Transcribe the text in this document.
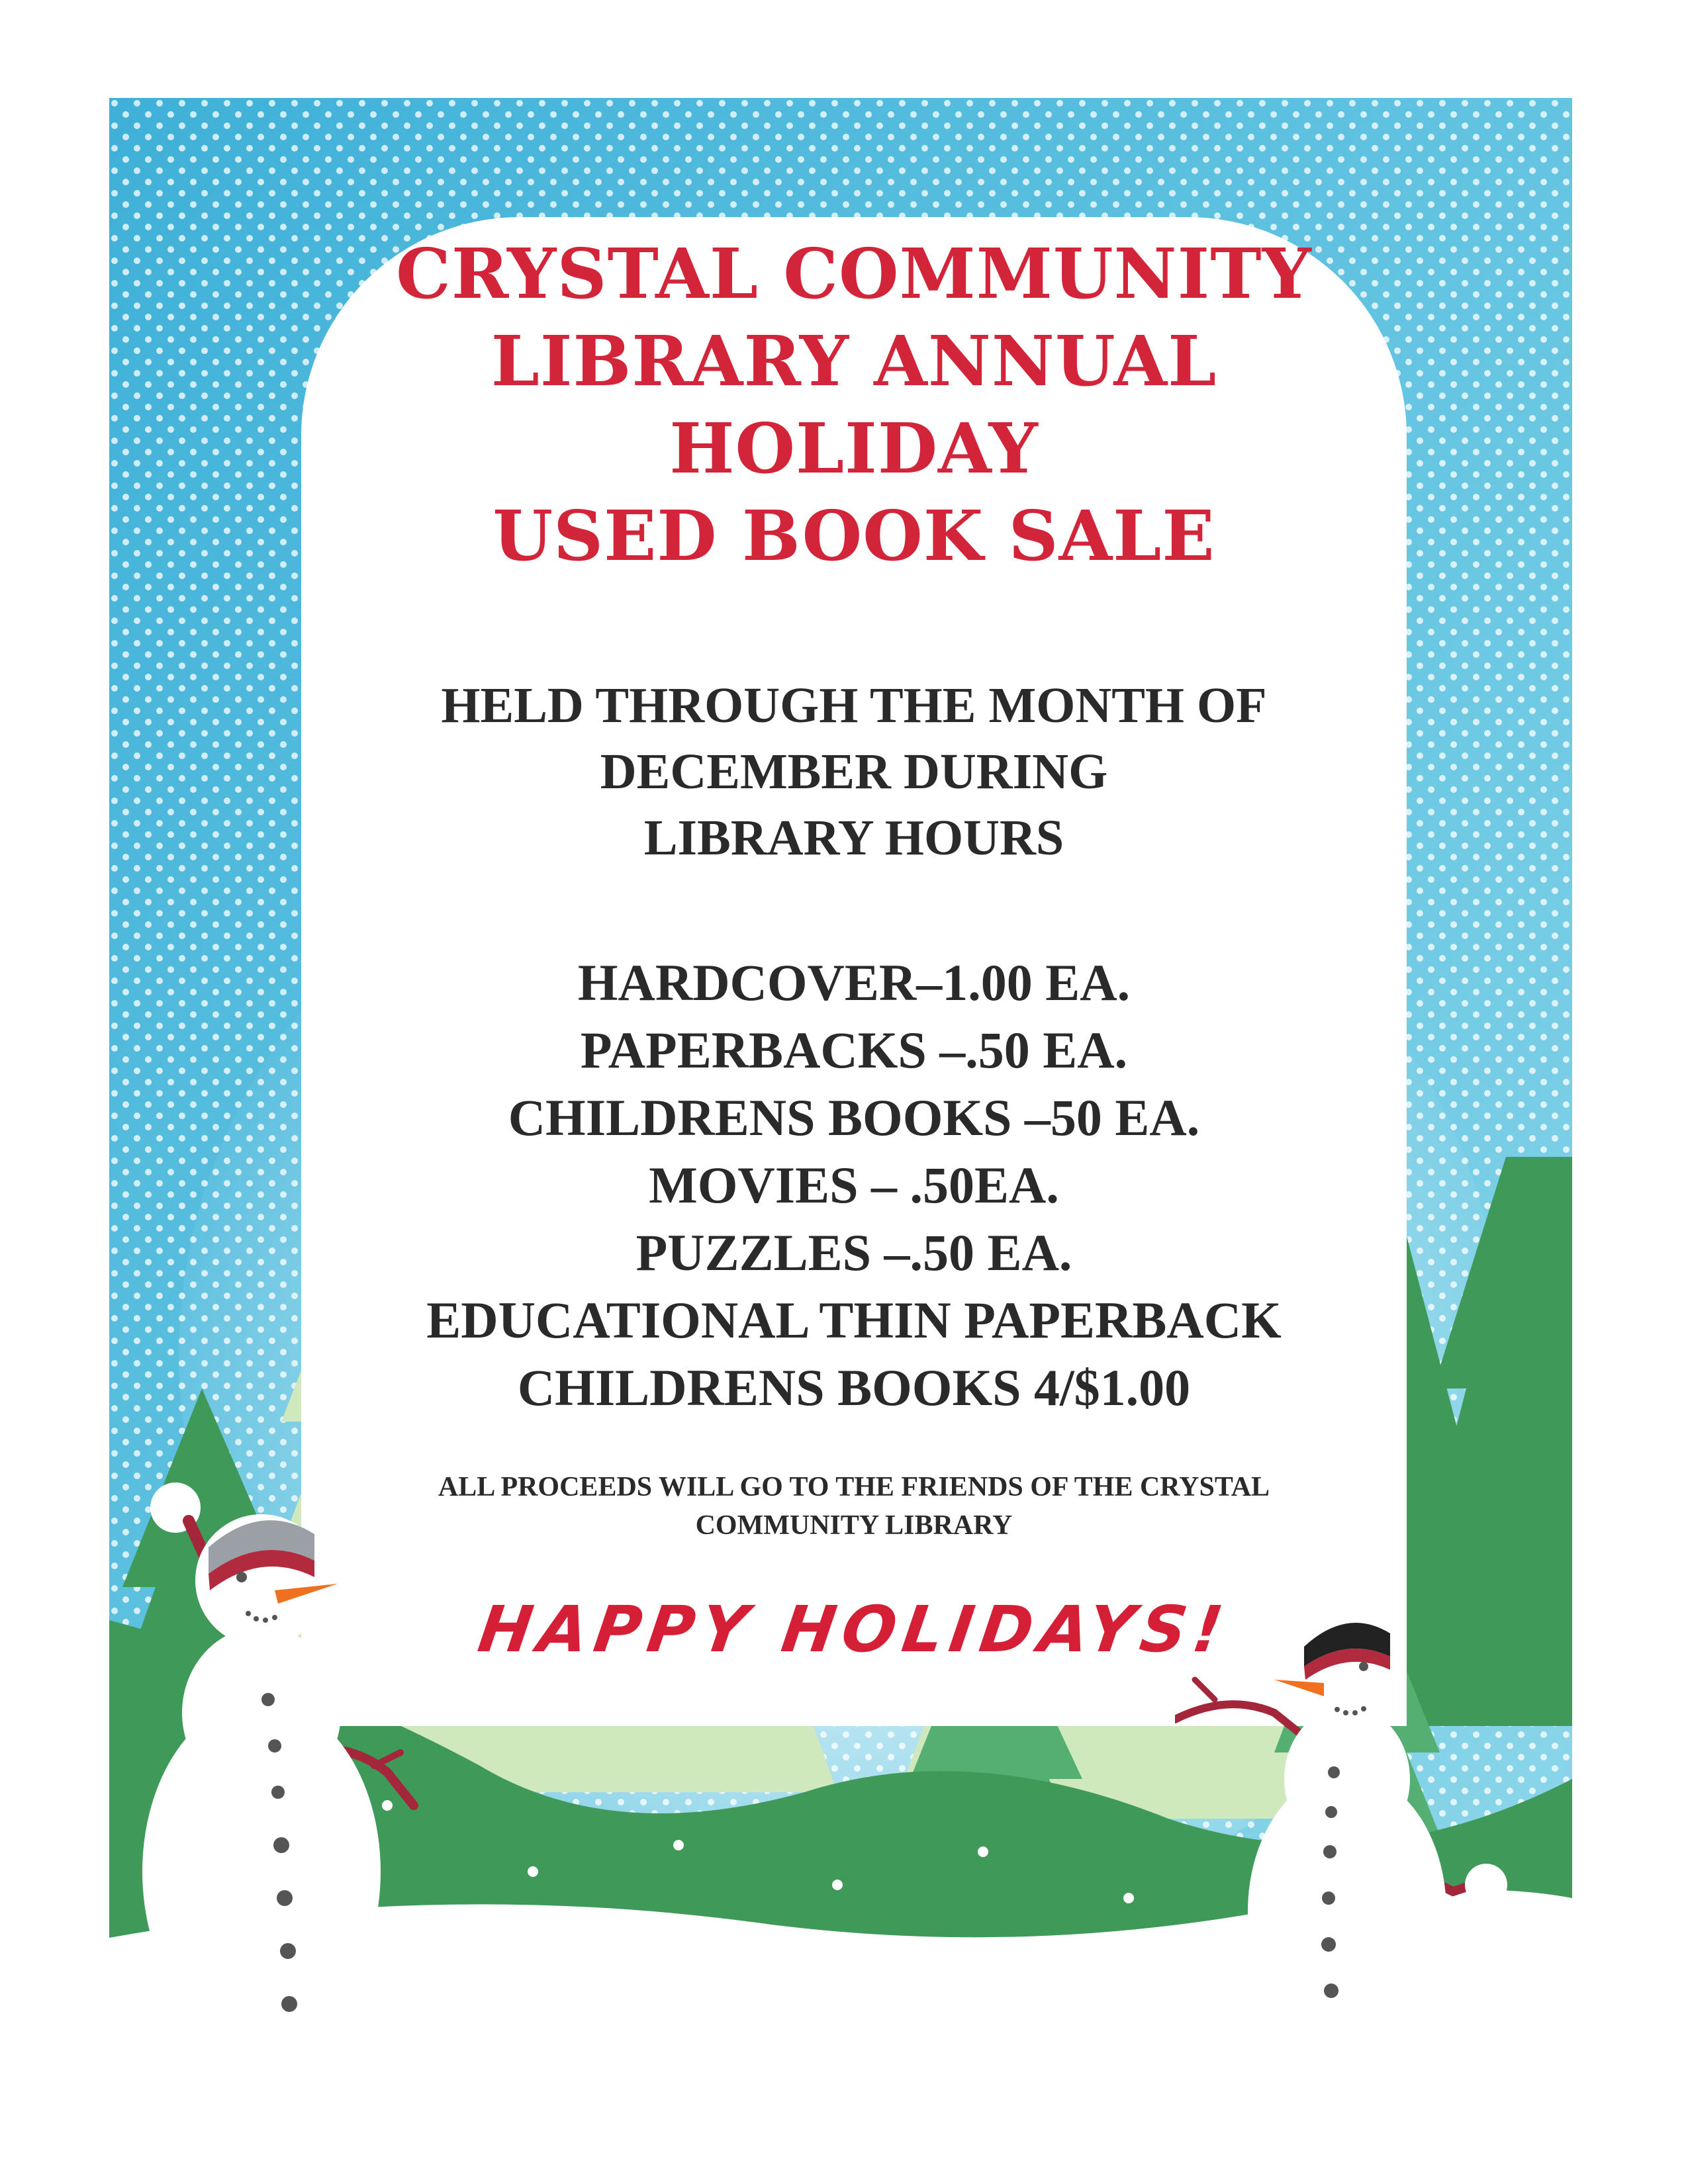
CRYSTAL COMMUNITY
LIBRARY ANNUAL
HOLIDAY
USED BOOK SALE
HELD THROUGH THE MONTH OF
DECEMBER DURING
LIBRARY HOURS
HARDCOVER–1.00 EA.
PAPERBACKS –.50 EA.
CHILDRENS BOOKS –50 EA.
MOVIES – .50EA.
PUZZLES –.50 EA.
EDUCATIONAL THIN PAPERBACK
CHILDRENS BOOKS 4/$1.00
ALL PROCEEDS WILL GO TO THE FRIENDS OF THE CRYSTAL
COMMUNITY LIBRARY
HAPPY HOLIDAYS!
